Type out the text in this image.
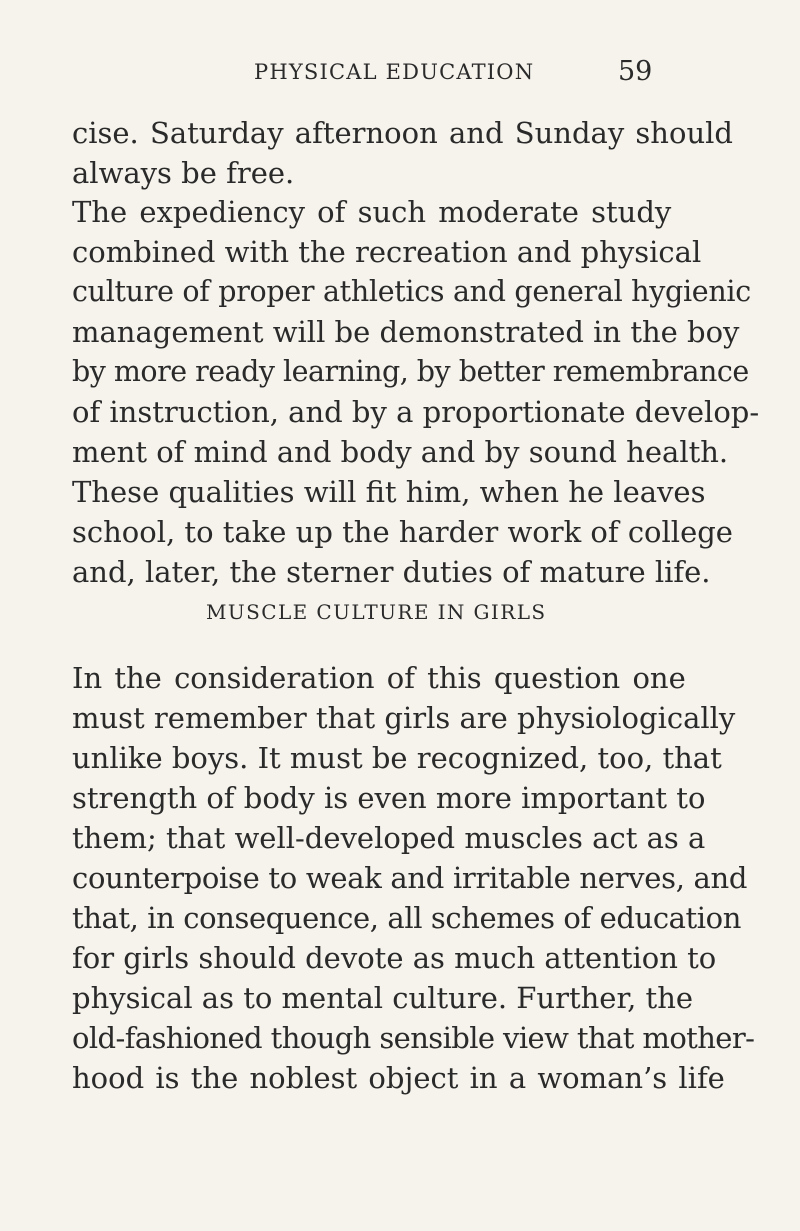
PHYSICAL EDUCATION	59
cise. Saturday afternoon and Sunday should
always be free.
The expediency of such moderate study
combined with the recreation and physical
culture of proper athletics and general hygienic
management will be demonstrated in the boy
by more ready learning, by better remembrance
of instruction, and by a proportionate develop-
ment of mind and body and by sound health.
These qualities will fit him, when he leaves
school, to take up the harder work of college
and, later, the sterner duties of mature life.
MUSCLE CULTURE IN GIRLS
In the consideration of this question one
must remember that girls are physiologically
unlike boys. It must be recognized, too, that
strength of body is even more important to
them; that well-developed muscles act as a
counterpoise to weak and irritable nerves, and
that, in consequence, all schemes of education
for girls should devote as much attention to
physical as to mental culture. Further, the
old-fashioned though sensible view that mother-
hood is the noblest object in a woman’s life
